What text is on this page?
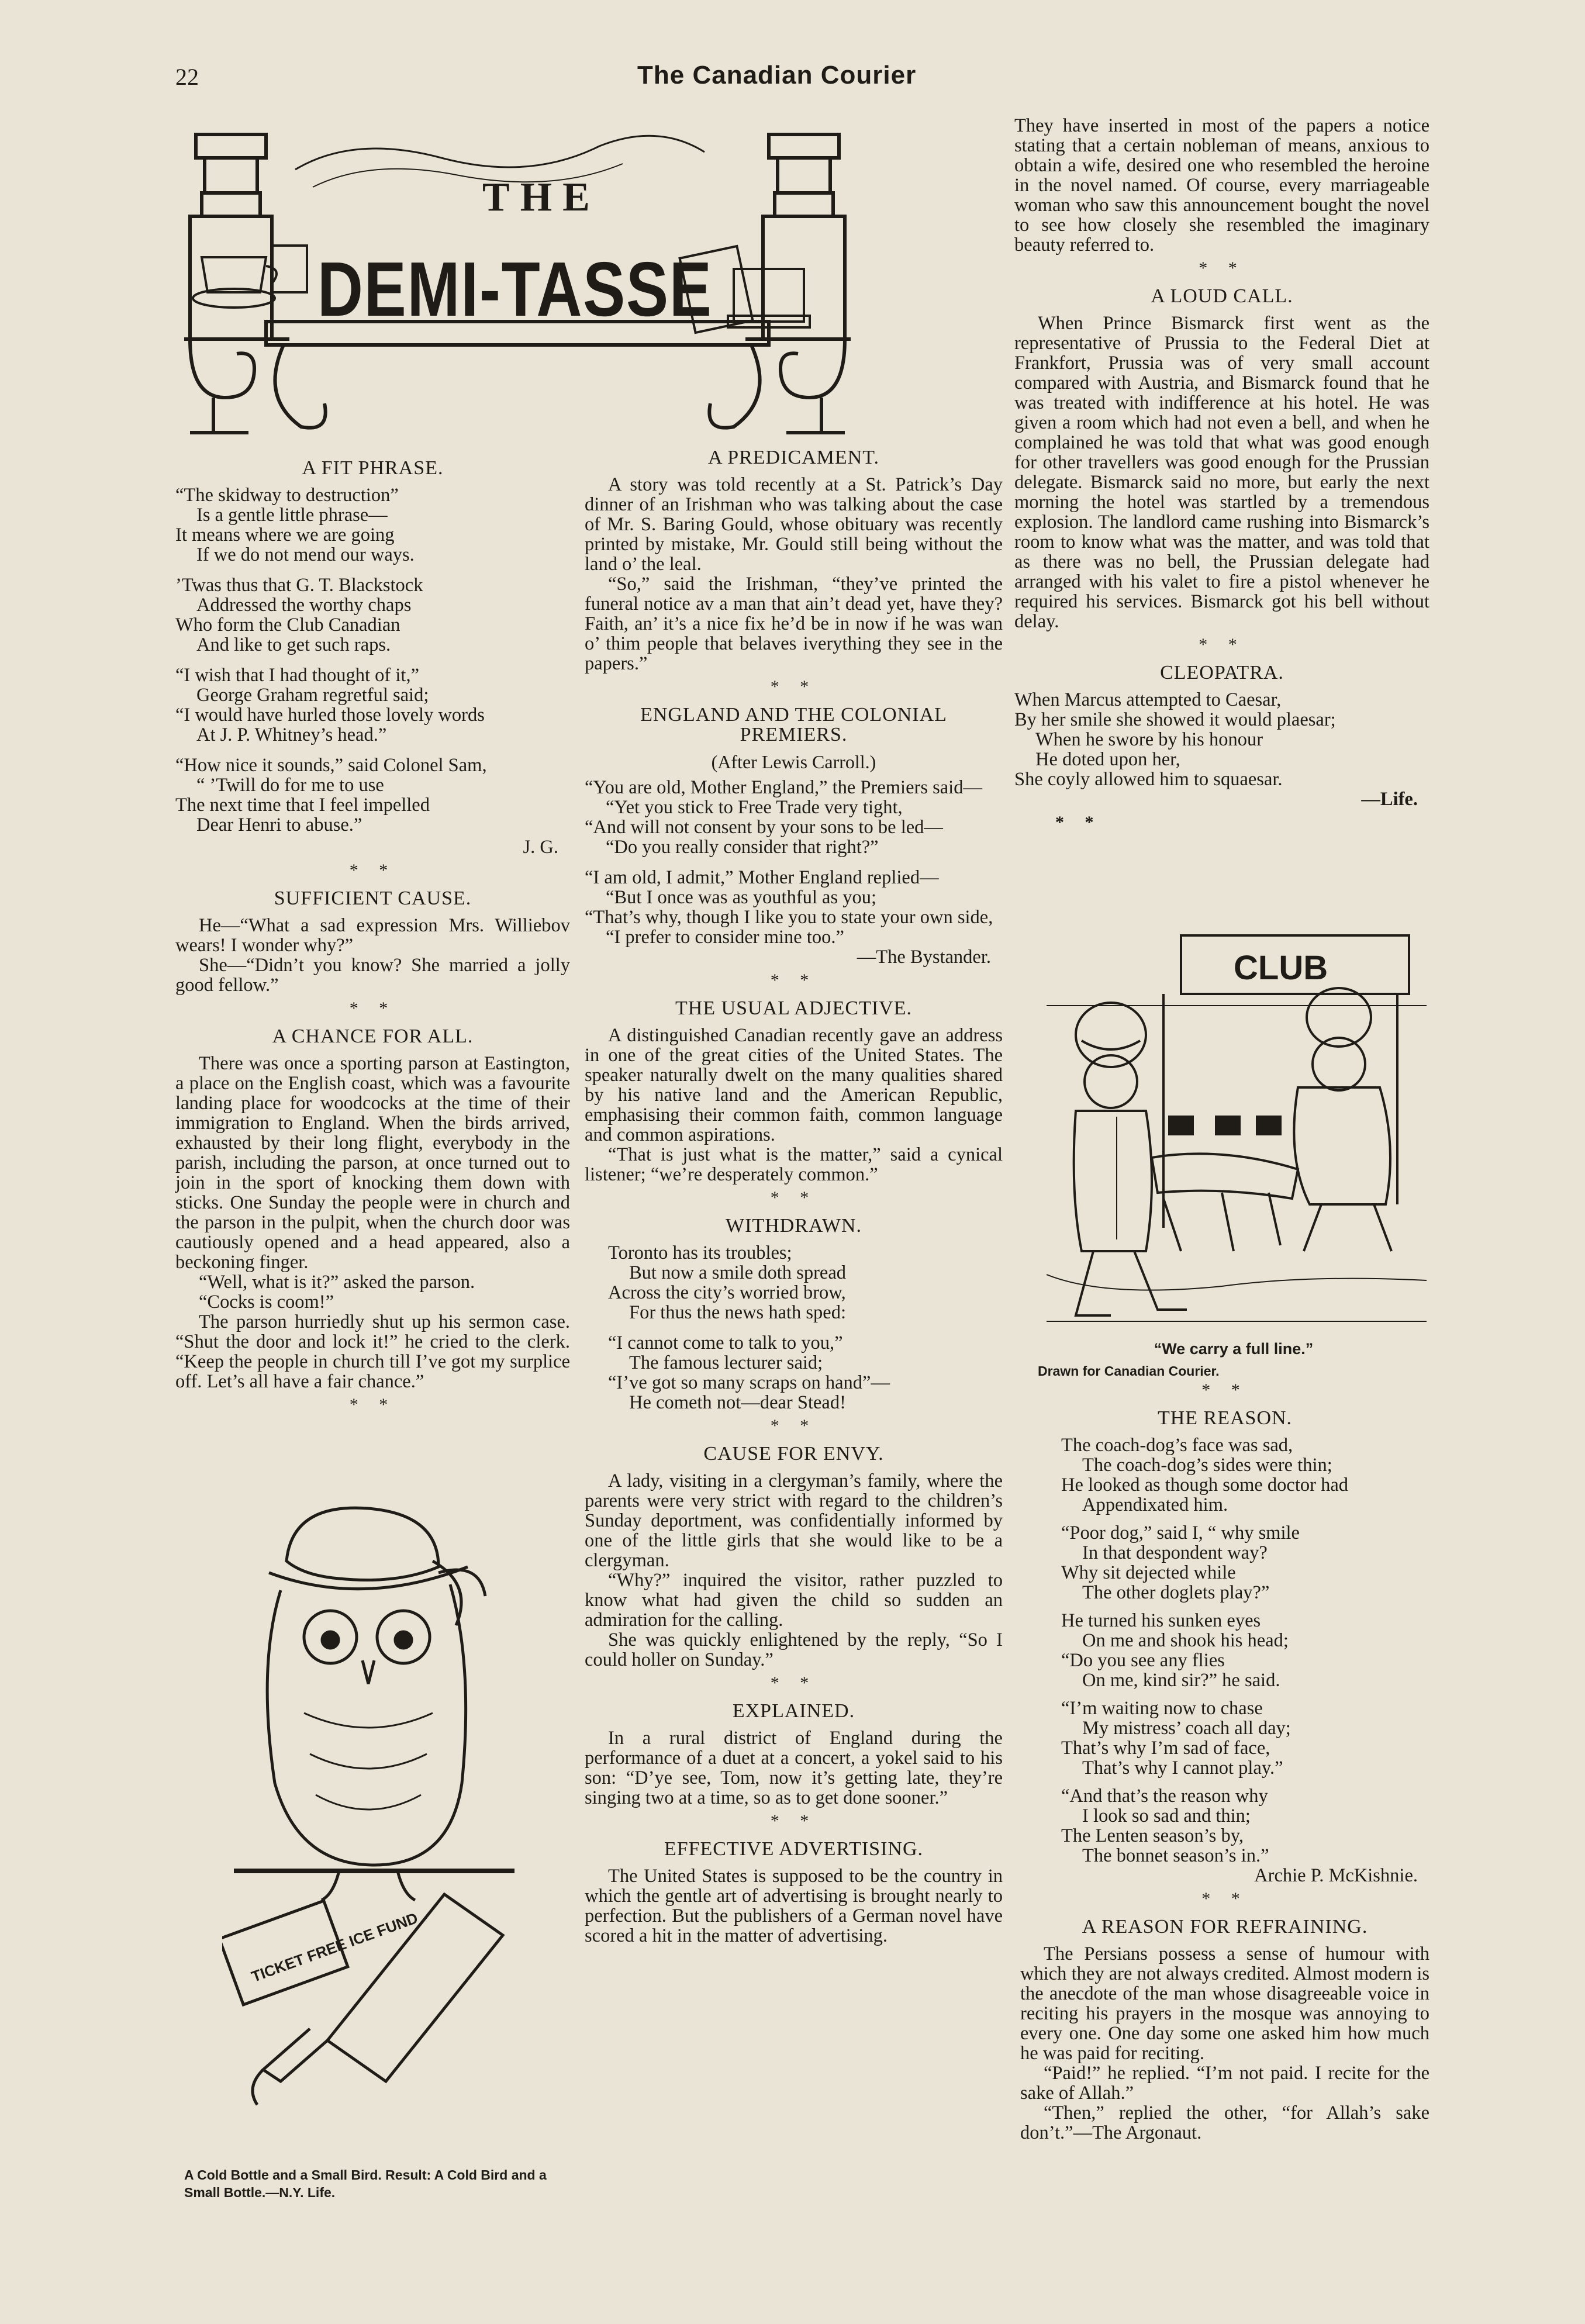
22	The Canadian Courier
THE
DEMI-TASSE
A FIT PHRASE.
“The skidway to destruction”
Is a gentle little phrase—
It means where we are going
If we do not mend our ways.
’Twas thus that G. T. Blackstock
Addressed the worthy chaps
Who form the Club Canadian
And like to get such raps.
“I wish that I had thought of it,”
George Graham regretful said;
“I would have hurled those lovely words
At J. P. Whitney’s head.”
“How nice it sounds,” said Colonel Sam,
“ ’Twill do for me to use
The next time that I feel impelled
Dear Henri to abuse.”
J. G.
* *
SUFFICIENT CAUSE.

He—“What a sad expression Mrs. Williebov wears! I wonder why?”

She—“Didn’t you know? She married a jolly good fellow.”

* *
A CHANCE FOR ALL.

There was once a sporting parson at Eastington, a place on the English coast, which was a favourite landing place for woodcocks at the time of their immigration to England. When the birds arrived, exhausted by their long flight, everybody in the parish, including the parson, at once turned out to join in the sport of knocking them down with sticks. One Sunday the people were in church and the parson in the pulpit, when the church door was cautiously opened and a head appeared, also a beckoning finger.

“Well, what is it?” asked the parson.

“Cocks is coom!”

The parson hurriedly shut up his sermon case. “Shut the door and lock it!” he cried to the clerk. “Keep the people in church till I’ve got my surplice off. Let’s all have a fair chance.”

* *
TICKET FREE ICE FUND
A Cold Bottle and a Small Bird. Result: A Cold Bird and a Small Bottle.—N.Y. Life.
A PREDICAMENT.

A story was told recently at a St. Patrick’s Day dinner of an Irishman who was talking about the case of Mr. S. Baring Gould, whose obituary was recently printed by mistake, Mr. Gould still being without the land o’ the leal.

“So,” said the Irishman, “they’ve printed the funeral notice av a man that ain’t dead yet, have they? Faith, an’ it’s a nice fix he’d be in now if he was wan o’ thim people that belaves iverything they see in the papers.”

* *
ENGLAND AND THE COLONIAL PREMIERS.
(After Lewis Carroll.)
“You are old, Mother England,” the Premiers said—
“Yet you stick to Free Trade very tight,
“And will not consent by your sons to be led—
“Do you really consider that right?”
“I am old, I admit,” Mother England replied—
“But I once was as youthful as you;
“That’s why, though I like you to state your own side,
“I prefer to consider mine too.”
—The Bystander.
* *
THE USUAL ADJECTIVE.

A distinguished Canadian recently gave an address in one of the great cities of the United States. The speaker naturally dwelt on the many qualities shared by his native land and the American Republic, emphasising their common faith, common language and common aspirations.

“That is just what is the matter,” said a cynical listener; “we’re desperately common.”

* *
WITHDRAWN.
Toronto has its troubles;
But now a smile doth spread
Across the city’s worried brow,
For thus the news hath sped:
“I cannot come to talk to you,”
The famous lecturer said;
“I’ve got so many scraps on hand”—
He cometh not—dear Stead!
* *
CAUSE FOR ENVY.

A lady, visiting in a clergyman’s family, where the parents were very strict with regard to the children’s Sunday deportment, was confidentially informed by one of the little girls that she would like to be a clergyman.

“Why?” inquired the visitor, rather puzzled to know what had given the child so sudden an admiration for the calling.

She was quickly enlightened by the reply, “So I could holler on Sunday.”

* *
EXPLAINED.

In a rural district of England during the performance of a duet at a concert, a yokel said to his son: “D’ye see, Tom, now it’s getting late, they’re singing two at a time, so as to get done sooner.”

* *
EFFECTIVE ADVERTISING.

The United States is supposed to be the country in which the gentle art of advertising is brought nearly to perfection. But the publishers of a German novel have scored a hit in the matter of advertising.

They have inserted in most of the papers a notice stating that a certain nobleman of means, anxious to obtain a wife, desired one who resembled the heroine in the novel named. Of course, every marriageable woman who saw this announcement bought the novel to see how closely she resembled the imaginary beauty referred to.

* *
A LOUD CALL.

When Prince Bismarck first went as the representative of Prussia to the Federal Diet at Frankfort, Prussia was of very small account compared with Austria, and Bismarck found that he was treated with indifference at his hotel. He was given a room which had not even a bell, and when he complained he was told that what was good enough for other travellers was good enough for the Prussian delegate. Bismarck said no more, but early the next morning the hotel was startled by a tremendous explosion. The landlord came rushing into Bismarck’s room to know what was the matter, and was told that as there was no bell, the Prussian delegate had arranged with his valet to fire a pistol whenever he required his services. Bismarck got his bell without delay.

* *
CLEOPATRA.
When Marcus attempted to Caesar,
By her smile she showed it would plaesar;
When he swore by his honour
He doted upon her,
She coyly allowed him to squaesar.
—Life.
* *
CLUB
“We carry a full line.”
Drawn for Canadian Courier.
* *
THE REASON.
The coach-dog’s face was sad,
The coach-dog’s sides were thin;
He looked as though some doctor had
Appendixated him.
“Poor dog,” said I, “ why smile
In that despondent way?
Why sit dejected while
The other doglets play?”
He turned his sunken eyes
On me and shook his head;
“Do you see any flies
On me, kind sir?” he said.
“I’m waiting now to chase
My mistress’ coach all day;
That’s why I’m sad of face,
That’s why I cannot play.”
“And that’s the reason why
I look so sad and thin;
The Lenten season’s by,
The bonnet season’s in.”
Archie P. McKishnie.
* *
A REASON FOR REFRAINING.

The Persians possess a sense of humour with which they are not always credited. Almost modern is the anecdote of the man whose disagreeable voice in reciting his prayers in the mosque was annoying to every one. One day some one asked him how much he was paid for reciting.

“Paid!” he replied. “I’m not paid. I recite for the sake of Allah.”

“Then,” replied the other, “for Allah’s sake don’t.”—The Argonaut.
